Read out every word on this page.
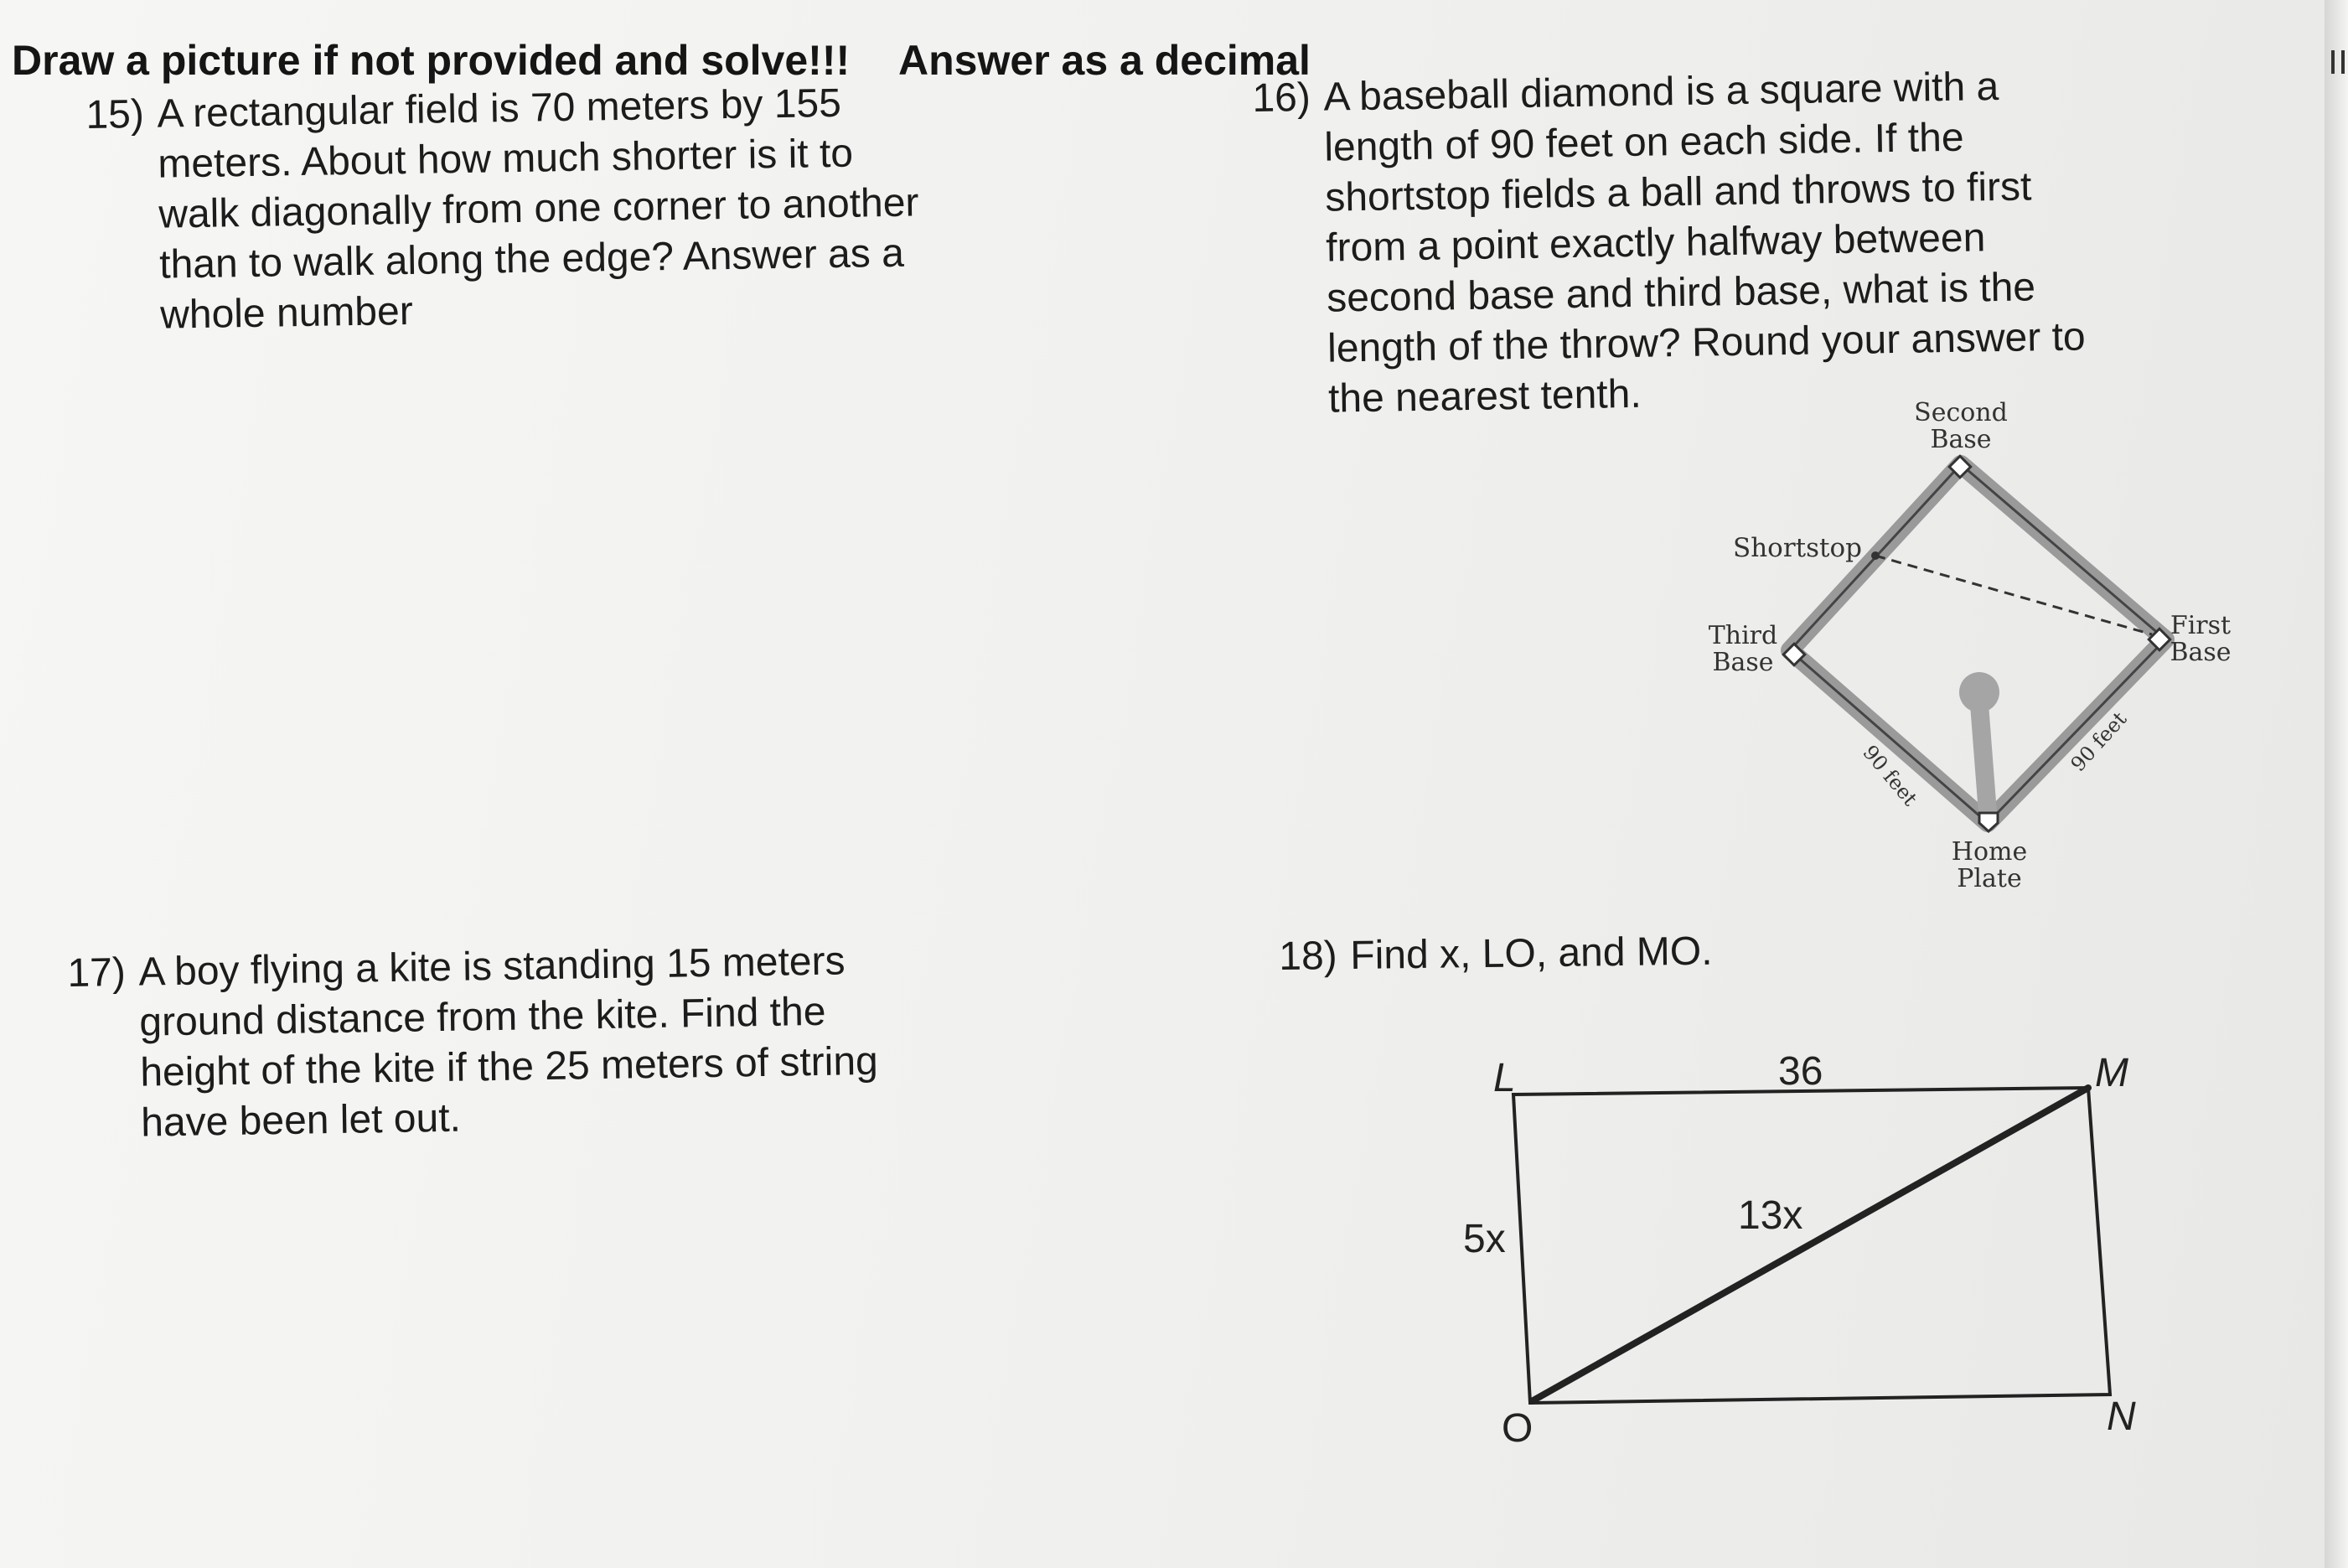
Draw a picture if not provided and solve!!! Answer as a decimal
15) A rectangular field is 70 meters by 155
meters. About how much shorter is it to
walk diagonally from one corner to another
than to walk along the edge? Answer as a
whole number
16) A baseball diamond is a square with a
length of 90 feet on each side. If the
shortstop fields a ball and throws to first
from a point exactly halfway between
second base and third base, what is the
length of the throw? Round your answer to
the nearest tenth.
17) A boy flying a kite is standing 15 meters
ground distance from the kite. Find the
height of the kite if the 25 meters of string
have been let out.
18) Find x, LO, and MO.
Second
Base
Shortstop
Third
Base
First
Base
Home
Plate
90 feet	90 feet
L	M
N
O
36
5x
13x
